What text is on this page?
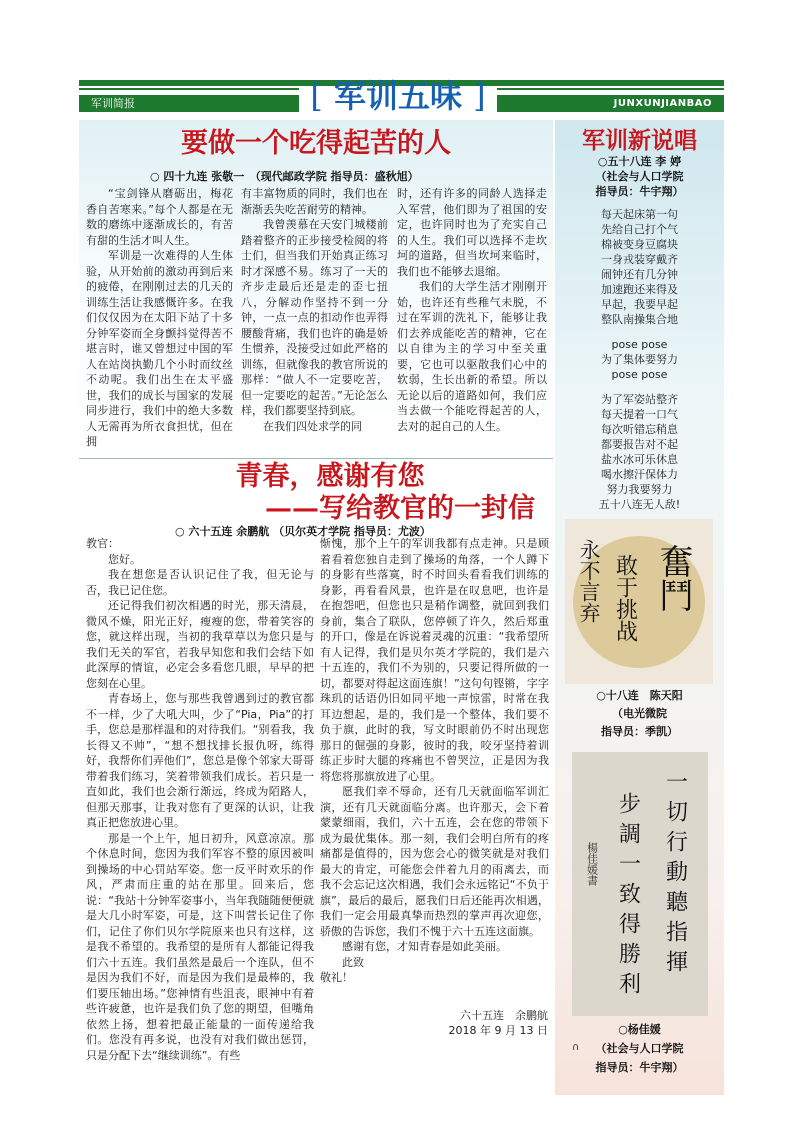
军训简报	[ 军训五味 ]	JUNXUNJIANBAO
要做一个吃得起苦的人
○ 四十九连 张敬一　（现代邮政学院 指导员：盛秋旭）

“宝剑锋从磨砺出，梅花香自苦寒来。”每个人都是在无数的磨练中逐渐成长的，有苦有甜的生活才叫人生。

军训是一次难得的人生体验，从开始前的激动再到后来的疲倦，在刚刚过去的几天的训练生活让我感慨许多。在我们仅仅因为在太阳下站了十多分钟军姿而全身颤抖觉得苦不堪言时，谁又曾想过中国的军人在站岗执勤几个小时而纹丝不动呢。我们出生在太平盛世，我们的成长与国家的发展同步进行，我们中的绝大多数人无需再为所衣食担忧，但在拥

有丰富物质的同时，我们也在渐渐丢失吃苦耐劳的精神。

我曾羡慕在天安门城楼前踏着整齐的正步接受检阅的将士们，但当我们开始真正练习时才深感不易。练习了一天的齐步走最后还是走的歪七扭八，分解动作坚持不到一分钟，一点一点的扣动作也弄得腰酸背痛，我们也许的确是娇生惯养，没接受过如此严格的训练，但就像我的教官所说的那样：“做人不一定要吃苦，但一定要吃的起苦。”无论怎么样，我们都要坚持到底。

在我们四处求学的同

时，还有许多的同龄人选择走入军营，他们即为了祖国的安定，也许同时也为了充实自己的人生。我们可以选择不走坎坷的道路，但当坎坷来临时，我们也不能够去退缩。

我们的大学生活才刚刚开始，也许还有些稚气未脱，不过在军训的洗礼下，能够让我们去养成能吃苦的精神，它在以自律为主的学习中至关重要，它也可以驱散我们心中的软弱，生长出新的希望。所以无论以后的道路如何，我们应当去做一个能吃得起苦的人，去对的起自己的人生。

青春，感谢有您
——写给教官的一封信
○ 六十五连 余鹏航 （贝尔英才学院 指导员：尤波）

教官：

您好。

我在想您是否认识记住了我，但无论与否，我已记住您。

还记得我们初次相遇的时光，那天清晨，微风不燥，阳光正好，瘦瘦的您，带着笑容的您，就这样出现，当初的我草草以为您只是与我们无关的军官，若我早知您和我们会结下如此深厚的情谊，必定会多看您几眼，早早的把您刻在心里。

青春场上，您与那些我曾遇到过的教官都不一样，少了大吼大叫，少了“Pia，Pia”的打手，您总是那样温和的对待我们。“别看我，我长得又不帅”，“想不想找排长报仇呀，练得好，我帮你们弄他们”，您总是像个邻家大哥哥带着我们练习，笑着带领我们成长。若只是一直如此，我们也会渐行渐远，终成为陌路人，但那天那事，让我对您有了更深的认识，让我真正把您放进心里。

那是一个上午，旭日初升，风意凉凉。那个休息时间，您因为我们军容不整的原因被叫到操场的中心罚站军姿。您一反平时欢乐的作风，严肃而庄重的站在那里。回来后，您说：“我站十分钟军姿事小，当年我随随便便就是大几小时军姿，可是，这下叫营长记住了你们，记住了你们贝尔学院原来也只有这样，这是我不希望的。我希望的是所有人都能记得我们六十五连。我们虽然是最后一个连队，但不是因为我们不好，而是因为我们是最棒的，我们要压轴出场。”您神情有些沮丧，眼神中有着些许疲惫，也许是我们负了您的期望，但嘴角依然上扬，想着把最正能量的一面传递给我们。您没有再多说，也没有对我们做出惩罚，只是分配下去“继续训练”。有些

惭愧，那个上午的军训我都有点走神。只是顾着看着您独自走到了操场的角落，一个人蹲下的身影有些落寞，时不时回头看看我们训练的身影，再看看风景，也许是在叹息吧，也许是在抱怨吧，但您也只是稍作调整，就回到我们身前，集合了联队，您停顿了许久，然后郑重的开口，像是在诉说着灵魂的沉重：“我希望所有人记得，我们是贝尔英才学院的，我们是六十五连的，我们不为别的，只要记得所做的一切，都要对得起这面连旗！”这句句铿锵，字字珠玑的话语仍旧如同平地一声惊雷，时常在我耳边想起，是的，我们是一个整体，我们要不负于旗，此时的我，写文时眼前仍不时出现您那日的倔强的身影，彼时的我，咬牙坚持着训练正步时大腿的疼痛也不曾哭泣，正是因为我将您将那旗放进了心里。

愿我们幸不辱命，还有几天就面临军训汇演，还有几天就面临分离。也许那天，会下着蒙蒙细雨，我们，六十五连，会在您的带领下成为最优集体。那一刻，我们会明白所有的疼痛都是值得的，因为您会心的微笑就是对我们最大的肯定，可能您会伴着九月的雨离去，而我不会忘记这次相遇，我们会永远铭记“不负于旗”，最后的最后，愿我们日后还能再次相遇，我们一定会用最真挚而热烈的掌声再次迎您，骄傲的告诉您，我们不愧于六十五连这面旗。

感谢有您，才知青春是如此美丽。

此致

敬礼！

六十五连　余鹏航
2018 年 9 月 13 日
军训新说唱
○五十八连 李 婷
（社会与人口学院
指导员：牛宇翔）

每天起床第一句

先给自己打个气

棉被变身豆腐块

一身戎装穿戴齐

闹钟还有几分钟

加速跑还来得及

早起，我要早起

整队南操集合地

pose pose

为了集体要努力

pose pose

为了军姿站整齐

每天提着一口气

每次听错忘稍息

都要报告对不起

盐水冰可乐休息

喝水擦汗保体力

努力我要努力

五十八连无人敌!

永不言弃 敢于挑战 奮鬥
○十八连　陈天阳
（电光微院
指导员：季凯）
一切行動聽指揮
步調一致得勝利
楊佳媛書
○杨佳媛
（社会与人口学院
指导员：牛宇翔）
∩
